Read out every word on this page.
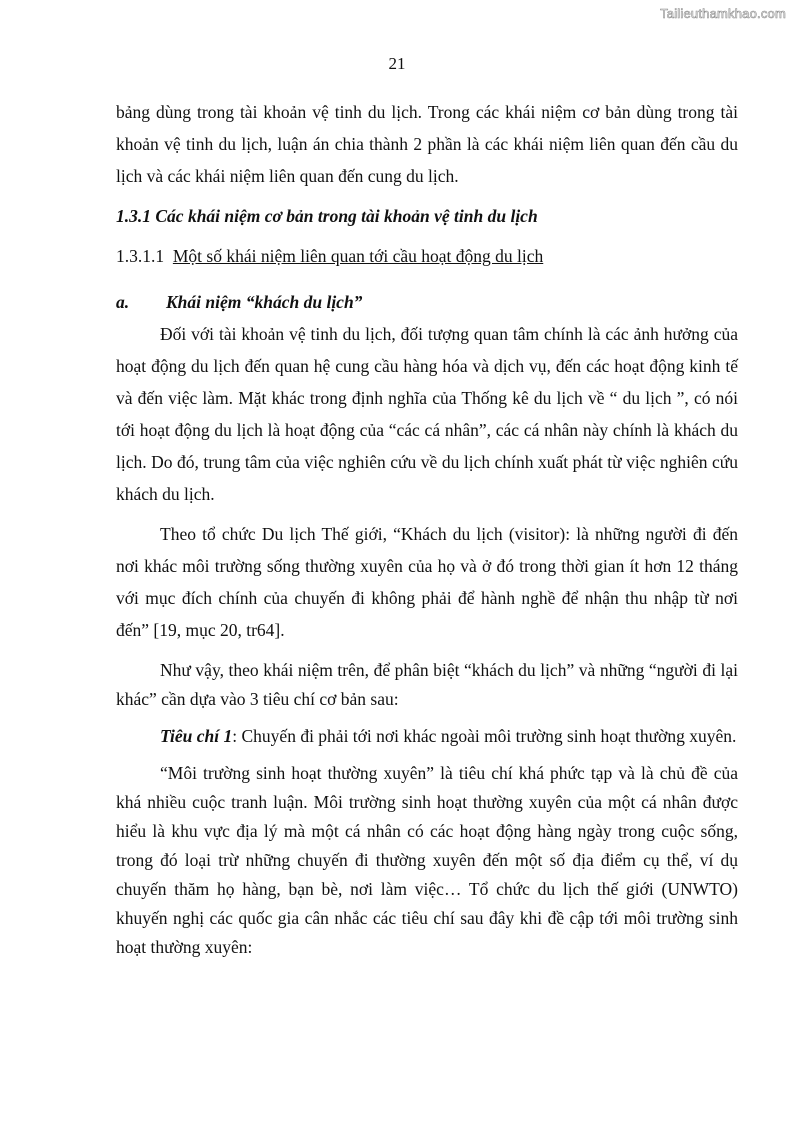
Tailieuthamkhao.com
21

bảng dùng trong tài khoản vệ tinh du lịch. Trong các khái niệm cơ bản dùng trong tài khoản vệ tinh du lịch, luận án chia thành 2 phần là các khái niệm liên quan đến cầu du lịch và các khái niệm liên quan đến cung du lịch.

1.3.1 Các khái niệm cơ bản trong tài khoản vệ tinh du lịch

1.3.1.1 Một số khái niệm liên quan tới cầu hoạt động du lịch

a. Khái niệm “khách du lịch”

Đối với tài khoản vệ tinh du lịch, đối tượng quan tâm chính là các ảnh hưởng của hoạt động du lịch đến quan hệ cung cầu hàng hóa và dịch vụ, đến các hoạt động kinh tế và đến việc làm. Mặt khác trong định nghĩa của Thống kê du lịch về “ du lịch ”, có nói tới hoạt động du lịch là hoạt động của “các cá nhân”, các cá nhân này chính là khách du lịch. Do đó, trung tâm của việc nghiên cứu về du lịch chính xuất phát từ việc nghiên cứu khách du lịch.

Theo tổ chức Du lịch Thế giới, “Khách du lịch (visitor): là những người đi đến nơi khác môi trường sống thường xuyên của họ và ở đó trong thời gian ít hơn 12 tháng với mục đích chính của chuyến đi không phải để hành nghề để nhận thu nhập từ nơi đến” [19, mục 20, tr64].

Như vậy, theo khái niệm trên, để phân biệt “khách du lịch” và những “người đi lại khác” cần dựa vào 3 tiêu chí cơ bản sau:

Tiêu chí 1: Chuyến đi phải tới nơi khác ngoài môi trường sinh hoạt thường xuyên.

“Môi trường sinh hoạt thường xuyên” là tiêu chí khá phức tạp và là chủ đề của khá nhiều cuộc tranh luận. Môi trường sinh hoạt thường xuyên của một cá nhân được hiểu là khu vực địa lý mà một cá nhân có các hoạt động hàng ngày trong cuộc sống, trong đó loại trừ những chuyến đi thường xuyên đến một số địa điểm cụ thể, ví dụ chuyến thăm họ hàng, bạn bè, nơi làm việc… Tổ chức du lịch thế giới (UNWTO) khuyến nghị các quốc gia cân nhắc các tiêu chí sau đây khi đề cập tới môi trường sinh hoạt thường xuyên:
